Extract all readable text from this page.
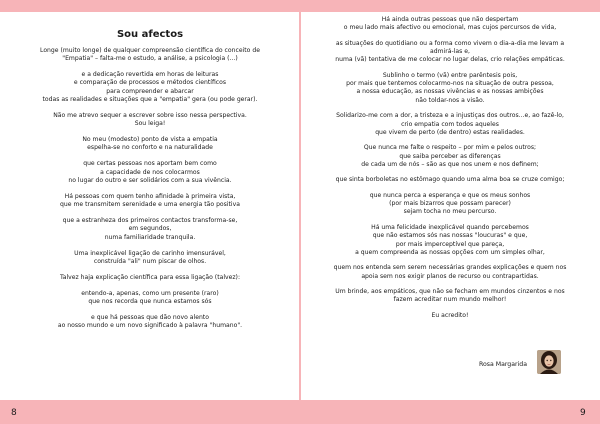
Sou afectos
Longe (muito longe) de qualquer compreensão científica do conceito de
"Empatia" – falta-me o estudo, a análise, a psicologia (...)
e a dedicação revertida em horas de leituras
e comparação de processos e métodos científicos
para compreender e abarcar
todas as realidades e situações que a "empatia" gera (ou pode gerar).
Não me atrevo sequer a escrever sobre isso nessa perspectiva.
Sou leiga!
No meu (modesto) ponto de vista a empatia
espelha-se no conforto e na naturalidade
que certas pessoas nos aportam bem como
a capacidade de nos colocarmos
no lugar do outro e ser solidários com a sua vivência.
Há pessoas com quem tenho afinidade à primeira vista,
que me transmitem serenidade e uma energia tão positiva
que a estranheza dos primeiros contactos transforma-se,
em segundos,
numa familiaridade tranquila.
Uma inexplicável ligação de carinho imensurável,
construída "ali" num piscar de olhos.
Talvez haja explicação científica para essa ligação (talvez):
entendo-a, apenas, como um presente (raro)
que nos recorda que nunca estamos sós
e que há pessoas que dão novo alento
ao nosso mundo e um novo significado à palavra "humano".
Há ainda outras pessoas que não despertam
o meu lado mais afectivo ou emocional, mas cujos percursos de vida,
as situações do quotidiano ou a forma como vivem o dia-a-dia me levam a
admirá-las e,
numa (vã) tentativa de me colocar no lugar delas, crio relações empáticas.
Sublinho o termo (vã) entre parêntesis pois,
por mais que tentemos colocarmo-nos na situação de outra pessoa,
a nossa educação, as nossas vivências e as nossas ambições
não toldar-nos a visão.
Solidarizo-me com a dor, a tristeza e a injustiças dos outros...e, ao fazê-lo,
crio empatia com todos aqueles
que vivem de perto (de dentro) estas realidades.
Que nunca me falte o respeito – por mim e pelos outros;
que saiba perceber as diferenças
de cada um de nós – são as que nos unem e nos definem;
que sinta borboletas no estômago quando uma alma boa se cruze comigo;
que nunca perca a esperança e que os meus sonhos
(por mais bizarros que possam parecer)
sejam tocha no meu percurso.
Há uma felicidade inexplicável quando percebemos
que não estamos sós nas nossas "loucuras" e que,
por mais imperceptível que pareça,
a quem compreenda as nossas opções com um simples olhar,
quem nos entenda sem serem necessárias grandes explicações e quem nos
apoia sem nos exigir planos de recurso ou contrapartidas.
Um brinde, aos empáticos, que não se fecham em mundos cinzentos e nos
fazem acreditar num mundo melhor!
Eu acredito!
Rosa Margarida
8	9
